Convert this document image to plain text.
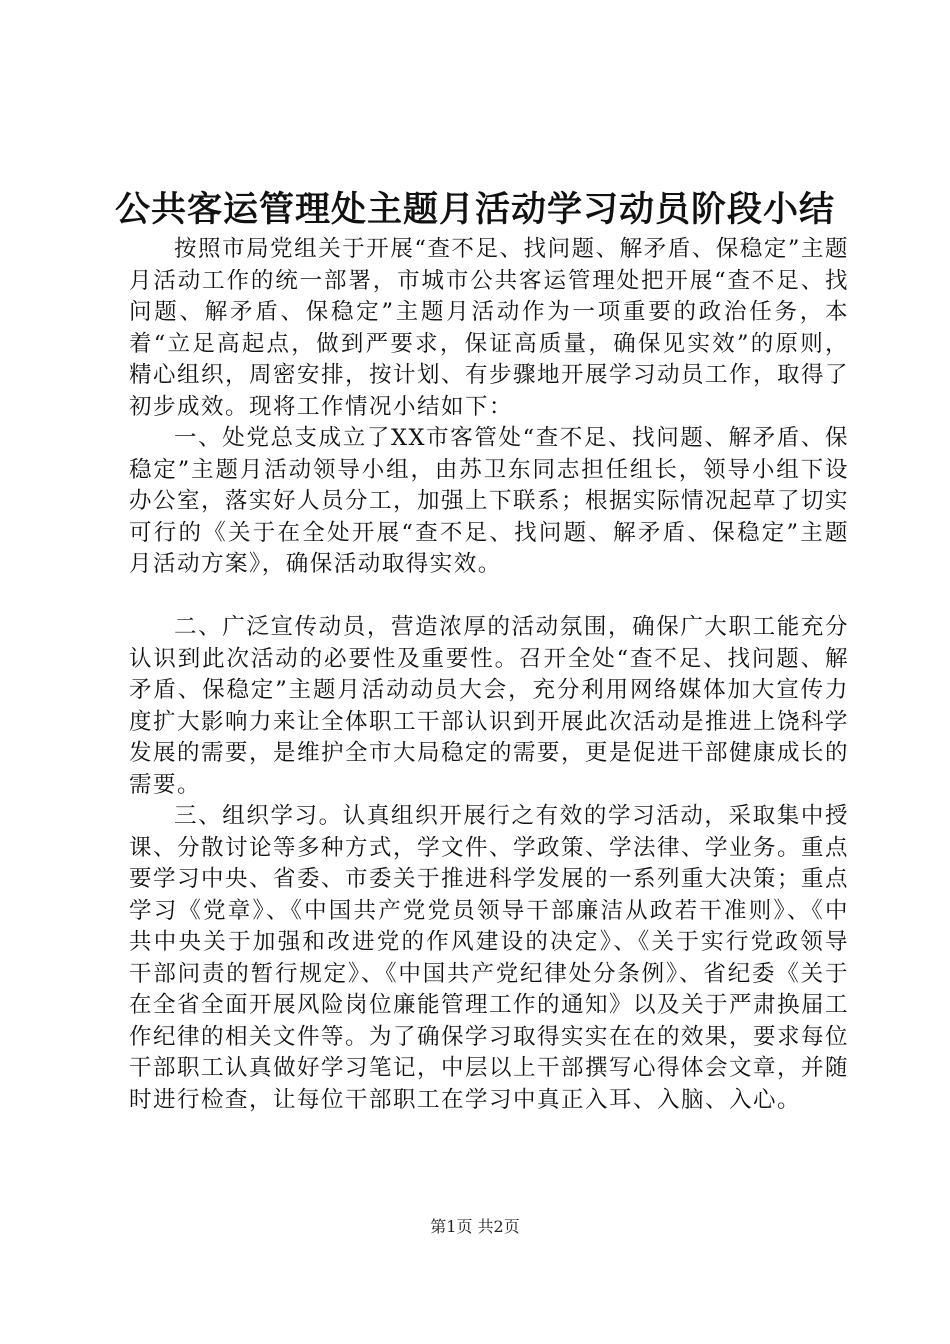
公共客运管理处主题月活动学习动员阶段小结

按照市局党组关于开展“查不足、找问题、解矛盾、保稳定”主题月活动工作的统一部署，市城市公共客运管理处把开展“查不足、找问题、解矛盾、保稳定”主题月活动作为一项重要的政治任务，本着“立足高起点，做到严要求，保证高质量，确保见实效”的原则，精心组织，周密安排，按计划、有步骤地开展学习动员工作，取得了初步成效。现将工作情况小结如下：

一、处党总支成立了XX市客管处“查不足、找问题、解矛盾、保稳定”主题月活动领导小组，由苏卫东同志担任组长，领导小组下设办公室，落实好人员分工，加强上下联系；根据实际情况起草了切实可行的《关于在全处开展“查不足、找问题、解矛盾、保稳定”主题月活动方案》，确保活动取得实效。

二、广泛宣传动员，营造浓厚的活动氛围，确保广大职工能充分认识到此次活动的必要性及重要性。召开全处“查不足、找问题、解矛盾、保稳定”主题月活动动员大会，充分利用网络媒体加大宣传力度扩大影响力来让全体职工干部认识到开展此次活动是推进上饶科学发展的需要，是维护全市大局稳定的需要，更是促进干部健康成长的需要。

三、组织学习。认真组织开展行之有效的学习活动，采取集中授课、分散讨论等多种方式，学文件、学政策、学法律、学业务。重点要学习中央、省委、市委关于推进科学发展的一系列重大决策；重点学习《党章》、《中国共产党党员领导干部廉洁从政若干准则》、《中共中央关于加强和改进党的作风建设的决定》、《关于实行党政领导干部问责的暂行规定》、《中国共产党纪律处分条例》、省纪委《关于在全省全面开展风险岗位廉能管理工作的通知》以及关于严肃换届工作纪律的相关文件等。为了确保学习取得实实在在的效果，要求每位干部职工认真做好学习笔记，中层以上干部撰写心得体会文章，并随时进行检查，让每位干部职工在学习中真正入耳、入脑、入心。

第1页 共2页
